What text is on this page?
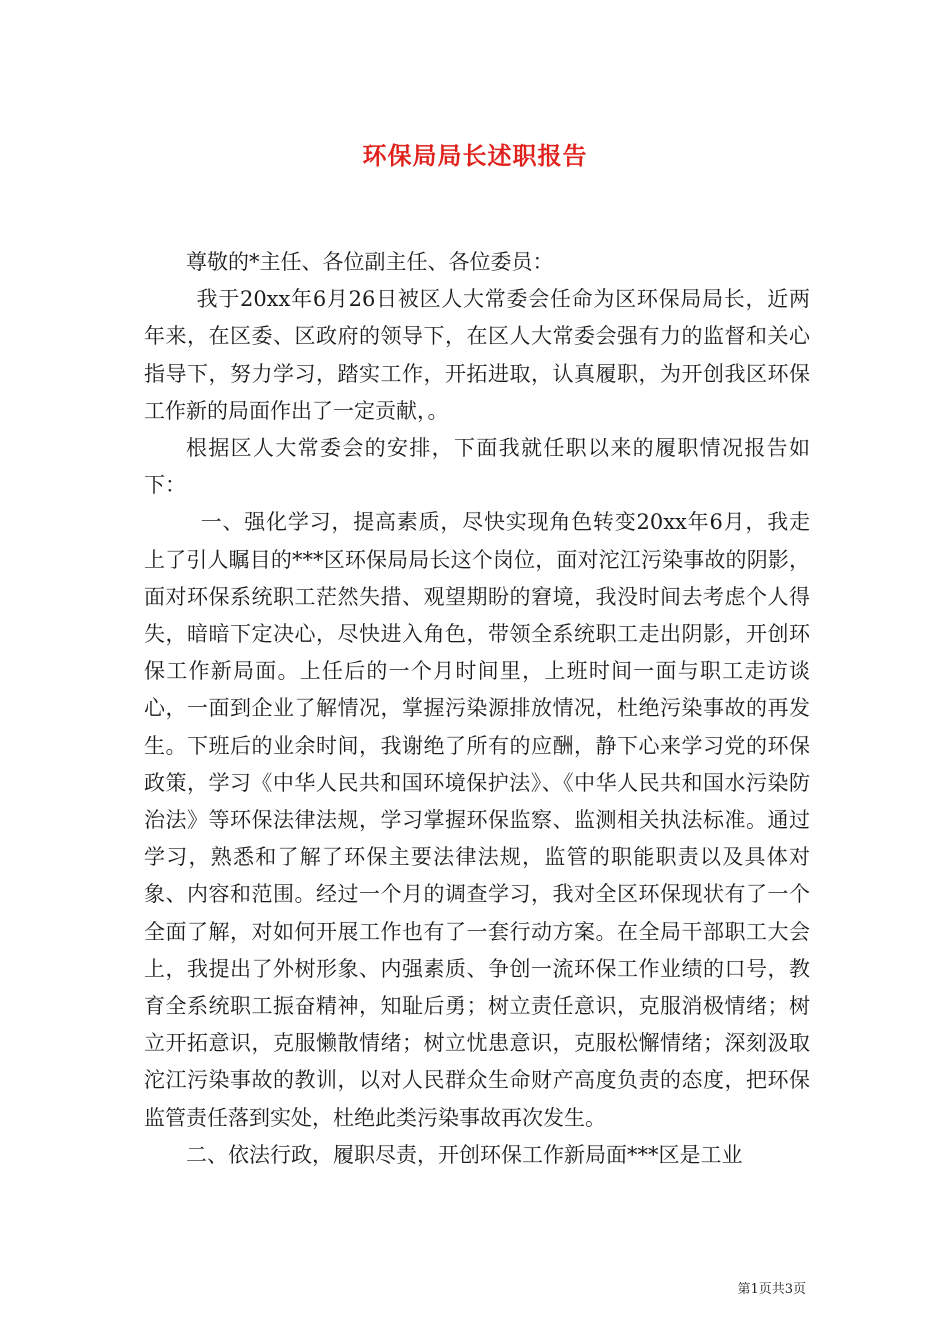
环保局局长述职报告

尊敬的*主任、各位副主任、各位委员：

我于20xx年6月26日被区人大常委会任命为区环保局局长，近两年来，在区委、区政府的领导下，在区人大常委会强有力的监督和关心指导下，努力学习，踏实工作，开拓进取，认真履职，为开创我区环保工作新的局面作出了一定贡献，。

根据区人大常委会的安排，下面我就任职以来的履职情况报告如下：

一、强化学习，提高素质，尽快实现角色转变20xx年6月，我走上了引人瞩目的***区环保局局长这个岗位，面对沱江污染事故的阴影，面对环保系统职工茫然失措、观望期盼的窘境，我没时间去考虑个人得失，暗暗下定决心，尽快进入角色，带领全系统职工走出阴影，开创环保工作新局面。上任后的一个月时间里，上班时间一面与职工走访谈心，一面到企业了解情况，掌握污染源排放情况，杜绝污染事故的再发生。下班后的业余时间，我谢绝了所有的应酬，静下心来学习党的环保政策，学习《中华人民共和国环境保护法》、《中华人民共和国水污染防治法》等环保法律法规，学习掌握环保监察、监测相关执法标准。通过学习，熟悉和了解了环保主要法律法规，监管的职能职责以及具体对象、内容和范围。经过一个月的调查学习，我对全区环保现状有了一个全面了解，对如何开展工作也有了一套行动方案。在全局干部职工大会上，我提出了外树形象、内强素质、争创一流环保工作业绩的口号，教育全系统职工振奋精神，知耻后勇；树立责任意识，克服消极情绪；树立开拓意识，克服懒散情绪；树立忧患意识，克服松懈情绪；深刻汲取沱江污染事故的教训，以对人民群众生命财产高度负责的态度，把环保监管责任落到实处，杜绝此类污染事故再次发生。

二、依法行政，履职尽责，开创环保工作新局面***区是工业

第1页共3页
